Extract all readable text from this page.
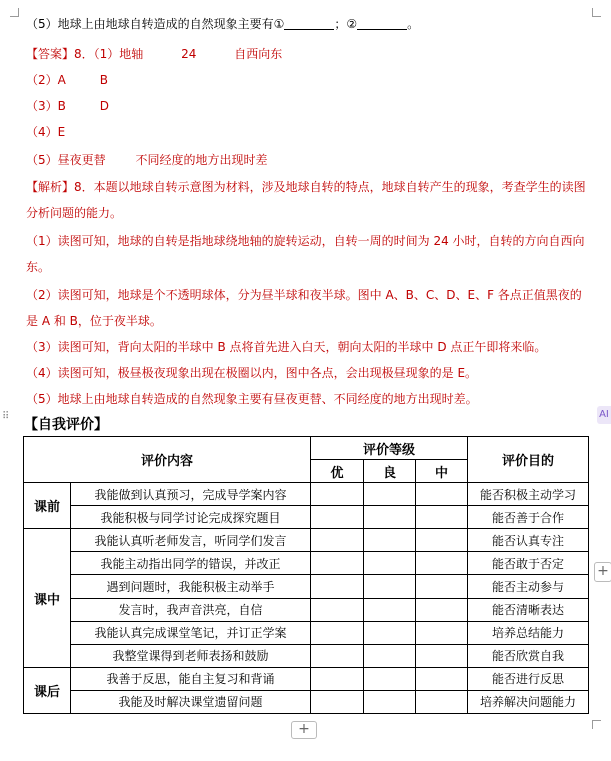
（5）地球上由地球自转造成的自然现象主要有①	；②	。
【答案】8．（1）地轴	24	自西向东
（2）A	B
（3）B	D
（4）E
（5）昼夜更替 不同经度的地方出现时差
【解析】8．本题以地球自转示意图为材料，涉及地球自转的特点，地球自转产生的现象，考查学生的读图分析问题的能力。
（1）读图可知，地球的自转是指地球绕地轴的旋转运动，自转一周的时间为 24 小时，自转的方向自西向东。
（2）读图可知，地球是个不透明球体，分为昼半球和夜半球。图中 A、B、C、D、E、F 各点正值黑夜的是 A 和 B，位于夜半球。
（3）读图可知，背向太阳的半球中 B 点将首先进入白天，朝向太阳的半球中 D 点正午即将来临。
（4）读图可知，极昼极夜现象出现在极圈以内，图中各点，会出现极昼现象的是 E。
（5）地球上由地球自转造成的自然现象主要有昼夜更替、不同经度的地方出现时差。
⠿
【自我评价】
AI
评价内容		评价等级			评价目的
		优	良	中	
课前	我能做到认真预习，完成导学案内容				能否积极主动学习
	我能积极与同学讨论完成探究题目				能否善于合作
课中	我能认真听老师发言，听同学们发言				能否认真专注
	我能主动指出同学的错误，并改正				能否敢于否定
	遇到问题时，我能积极主动举手				能否主动参与
	发言时，我声音洪亮，自信				能否清晰表达
	我能认真完成课堂笔记，并订正学案				培养总结能力
	我整堂课得到老师表扬和鼓励				能否欣赏自我
课后	我善于反思，能自主复习和背诵				能否进行反思
	我能及时解决课堂遗留问题				培养解决问题能力
+
+
